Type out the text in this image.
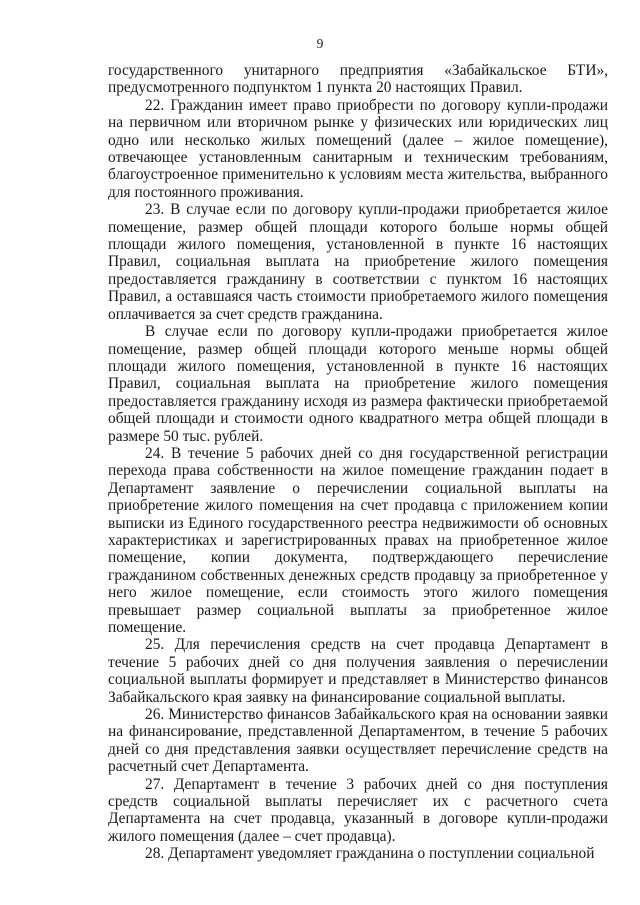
9

государственного унитарного предприятия «Забайкальское БТИ», предусмотренного подпунктом 1 пункта 20 настоящих Правил.

22. Гражданин имеет право приобрести по договору купли-продажи на первичном или вторичном рынке у физических или юридических лиц одно или несколько жилых помещений (далее – жилое помещение), отвечающее установленным санитарным и техническим требованиям, благоустроенное применительно к условиям места жительства, выбранного для постоянного проживания.

23. В случае если по договору купли-продажи приобретается жилое помещение, размер общей площади которого больше нормы общей площади жилого помещения, установленной в пункте 16 настоящих Правил, социальная выплата на приобретение жилого помещения предоставляется гражданину в соответствии с пунктом 16 настоящих Правил, а оставшаяся часть стоимости приобретаемого жилого помещения оплачивается за счет средств гражданина.

В случае если по договору купли-продажи приобретается жилое помещение, размер общей площади которого меньше нормы общей площади жилого помещения, установленной в пункте 16 настоящих Правил, социальная выплата на приобретение жилого помещения предоставляется гражданину исходя из размера фактически приобретаемой общей площади и стоимости одного квадратного метра общей площади в размере 50 тыс. рублей.

24. В течение 5 рабочих дней со дня государственной регистрации перехода права собственности на жилое помещение гражданин подает в Департамент заявление о перечислении социальной выплаты на приобретение жилого помещения на счет продавца с приложением копии выписки из Единого государственного реестра недвижимости об основных характеристиках и зарегистрированных правах на приобретенное жилое помещение, копии документа, подтверждающего перечисление гражданином собственных денежных средств продавцу за приобретенное у него жилое помещение, если стоимость этого жилого помещения превышает размер социальной выплаты за приобретенное жилое помещение.

25. Для перечисления средств на счет продавца Департамент в течение 5 рабочих дней со дня получения заявления о перечислении социальной выплаты формирует и представляет в Министерство финансов Забайкальского края заявку на финансирование социальной выплаты.

26. Министерство финансов Забайкальского края на основании заявки на финансирование, представленной Департаментом, в течение 5 рабочих дней со дня представления заявки осуществляет перечисление средств на расчетный счет Департамента.

27. Департамент в течение 3 рабочих дней со дня поступления средств социальной выплаты перечисляет их с расчетного счета Департамента на счет продавца, указанный в договоре купли-продажи жилого помещения (далее – счет продавца).

28. Департамент уведомляет гражданина о поступлении социальной
